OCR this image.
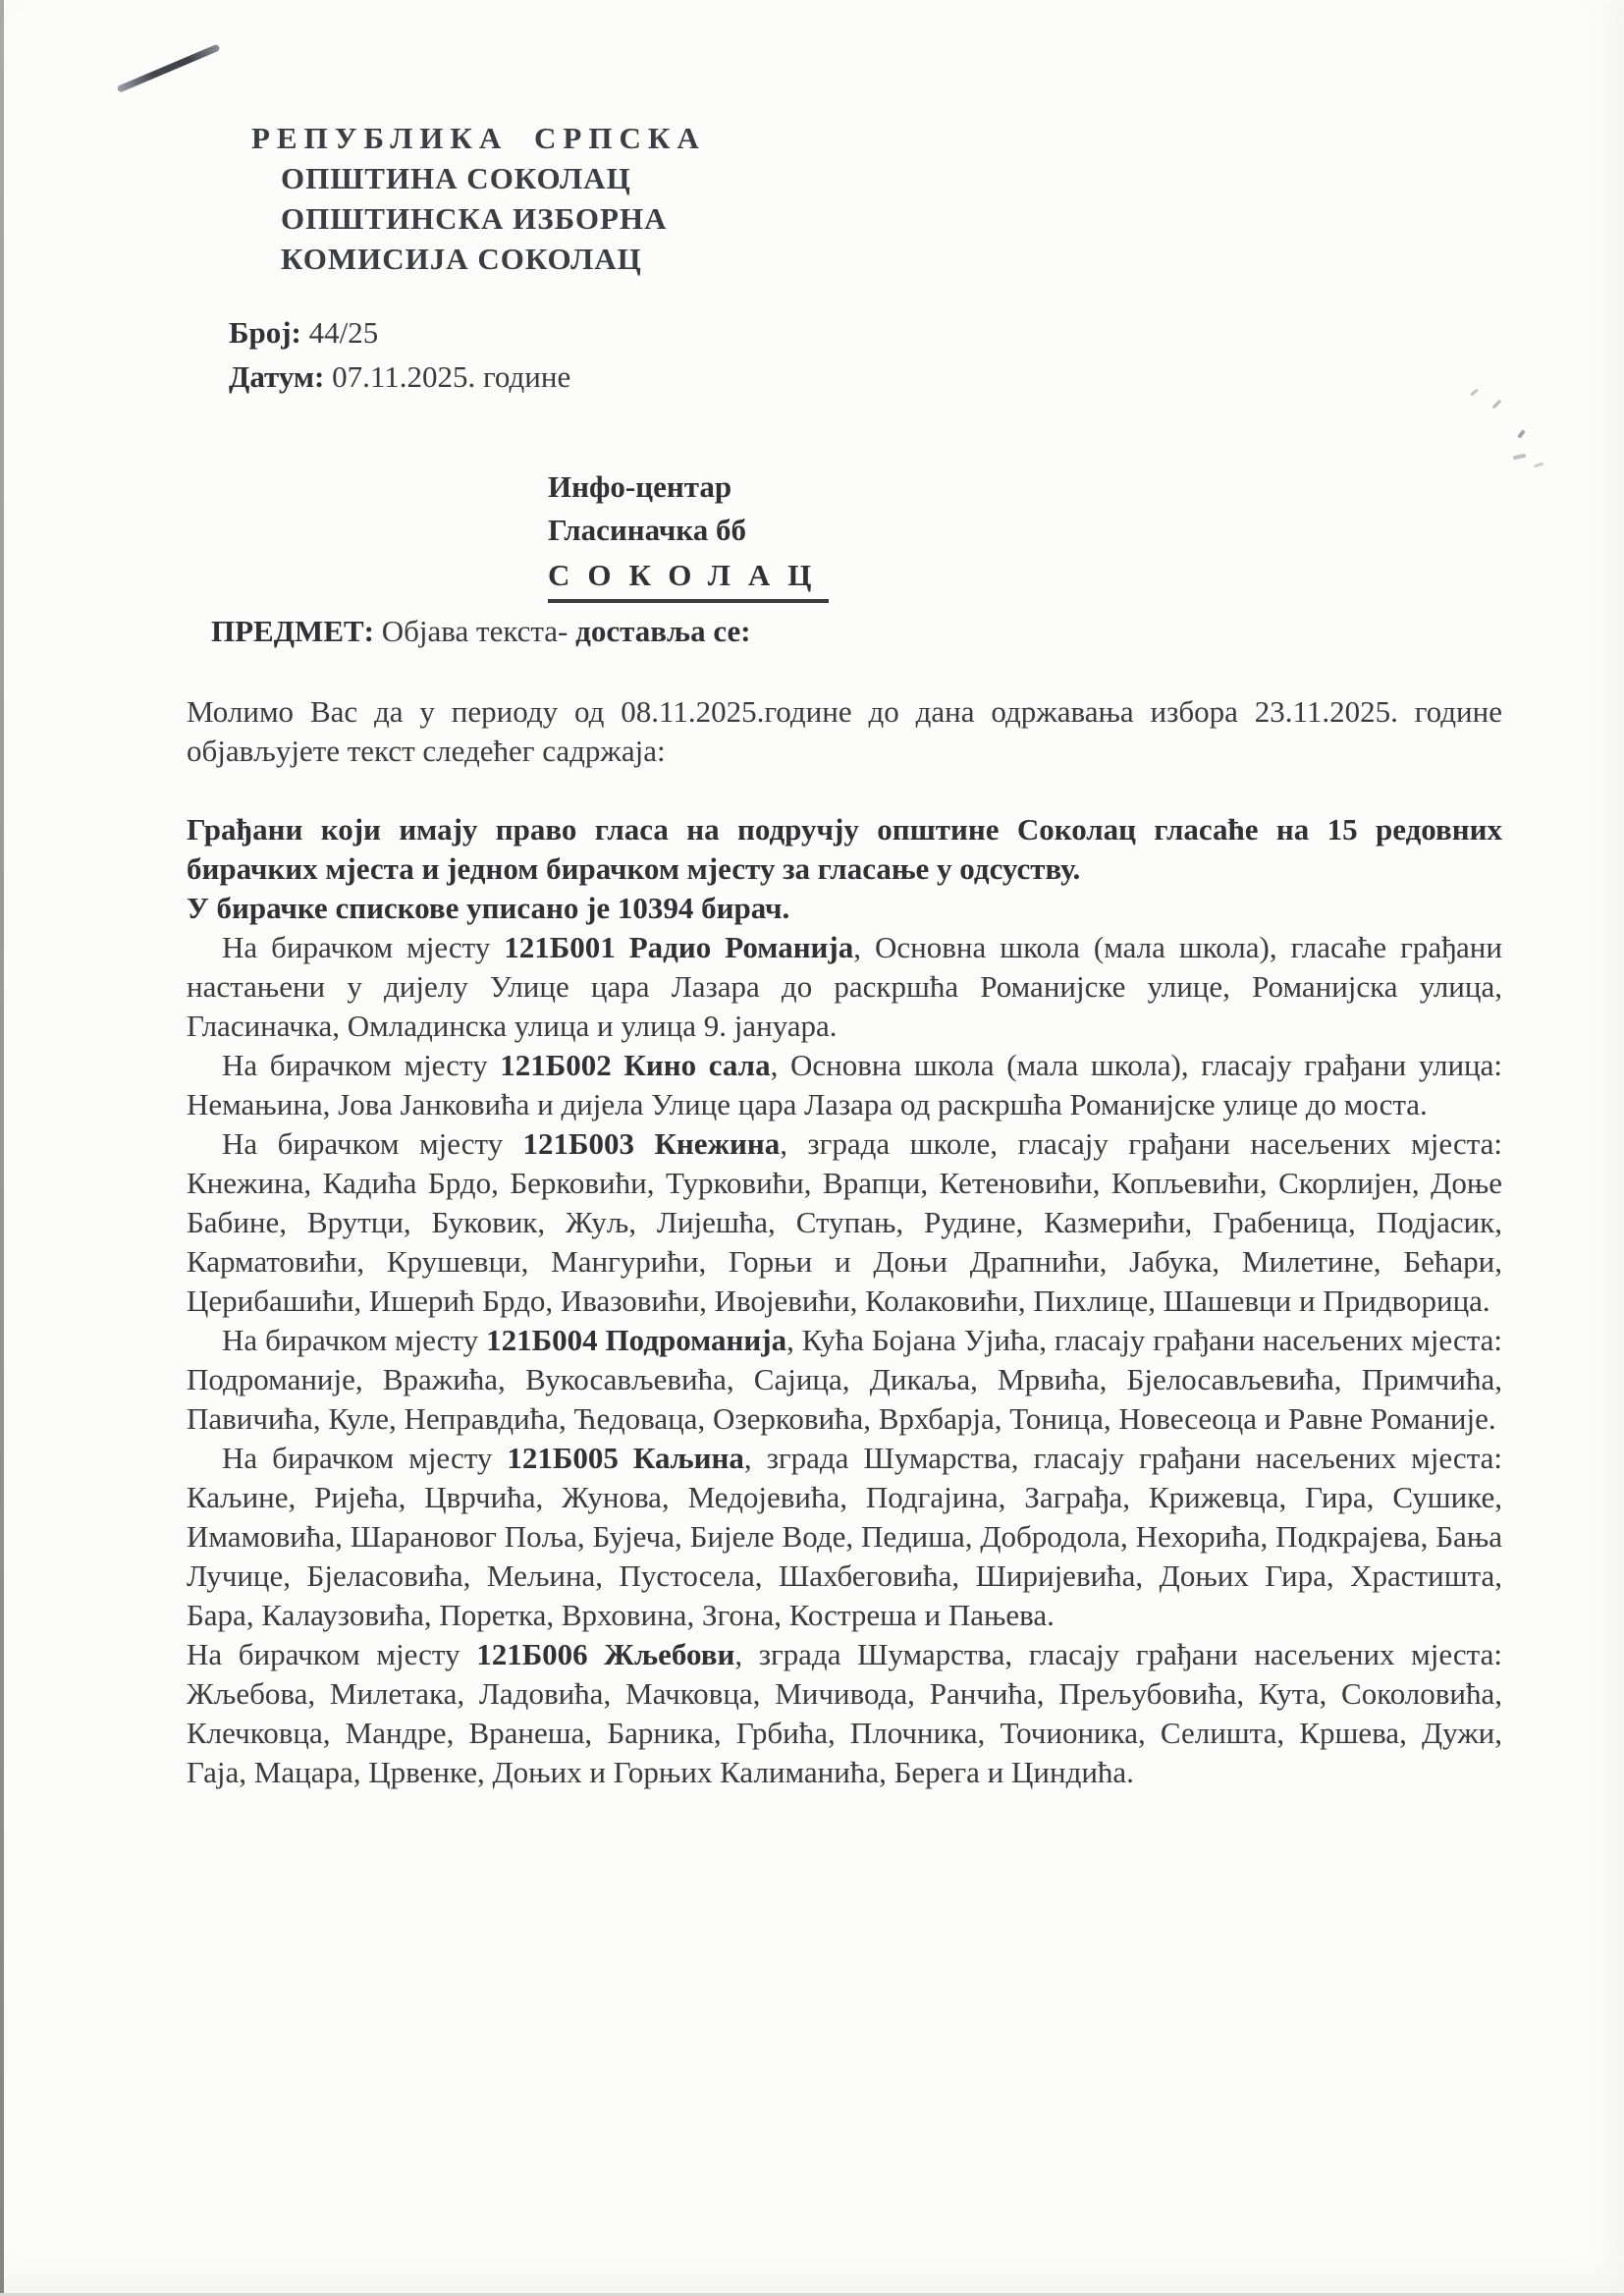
РЕПУБЛИКА СРПСКА
ОПШТИНА СОКОЛАЦ
ОПШТИНСКА ИЗБОРНА
КОМИСИЈА СОКОЛАЦ
Број: 44/25
Датум: 07.11.2025. године
Инфо-центар
Гласиначка бб
СОКОЛАЦ
ПРЕДМЕТ: Објава текста- доставља се:

Молимо Вас да у периоду од 08.11.2025.године до дана одржавања избора 23.11.2025. године објављујете текст следећег садржаја:

Грађани који имају право гласа на подручју општине Соколац гласаће на 15 редовних бирачких мјеста и једном бирачком мјесту за гласање у одсуству.

У бирачке спискове уписано је 10394 бирач.

На бирачком мјесту 121Б001 Радио Романија, Основна школа (мала школа), гласаће грађани настањени у дијелу Улице цара Лазара до раскршћа Романијске улице, Романијска улица, Гласиначка, Омладинска улица и улица 9. јануара.

На бирачком мјесту 121Б002 Кино сала, Основна школа (мала школа), гласају грађани улица: Немањина, Јова Јанковића и дијела Улице цара Лазара од раскршћа Романијске улице до моста.

На бирачком мјесту 121Б003 Кнежина, зграда школе, гласају грађани насељених мјеста: Кнежина, Кадића Брдо, Берковићи, Турковићи, Врапци, Кетеновићи, Копљевићи, Скорлијен, Доње Бабине, Врутци, Буковик, Жуљ, Лијешћа, Ступањ, Рудине, Казмерићи, Грабеница, Подјасик, Карматовићи, Крушевци, Мангурићи, Горњи и Доњи Драпнићи, Јабука, Милетине, Бећари, Церибашићи, Ишерић Брдо, Ивазовићи, Ивојевићи, Колаковићи, Пихлице, Шашевци и Придворица.

На бирачком мјесту 121Б004 Подроманија, Кућа Бојана Ујића, гласају грађани насељених мјеста: Подроманије, Вражића, Вукосављевића, Сајица, Дикаља, Мрвића, Бјелосављевића, Примчића, Павичића, Куле, Неправдића, Ћедоваца, Озерковића, Врхбарја, Тоница, Новесеоца и Равне Романије.

На бирачком мјесту 121Б005 Каљина, зграда Шумарства, гласају грађани насељених мјеста: Каљине, Ријећа, Цврчића, Жунова, Медојевића, Подгајина, Заграђа, Крижевца, Гира, Сушике, Имамовића, Шарановог Поља, Бујеча, Бијеле Воде, Педиша, Добродола, Нехорића, Подкрајева, Бања Лучице, Бјеласовића, Мељина, Пустосела, Шахбеговића, Ширијевића, Доњих Гира, Храстишта, Бара, Калаузовића, Поретка, Врховина, Згона, Костреша и Пањева.

На бирачком мјесту 121Б006 Жљебови, зграда Шумарства, гласају грађани насељених мјеста: Жљебова, Милетака, Ладовића, Мачковца, Мичивода, Ранчића, Прељубовића, Кута, Соколовића, Клечковца, Мандре, Вранеша, Барника, Грбића, Плочника, Точионика, Селишта, Кршева, Дужи, Гаја, Мацара, Црвенке, Доњих и Горњих Калиманића, Берега и Циндића.
